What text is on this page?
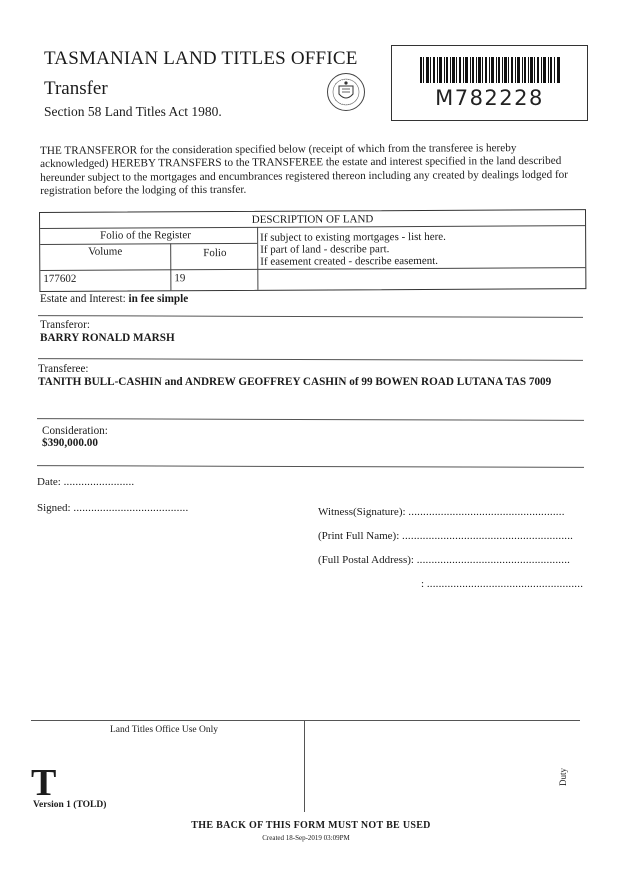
TASMANIAN LAND TITLES OFFICE
Transfer
Section 58 Land Titles Act 1980.
M782228
THE TRANSFEROR for the consideration specified below (receipt of which from the transferee is hereby acknowledged) HEREBY TRANSFERS to the TRANSFEREE the estate and interest specified in the land described hereunder subject to the mortgages and encumbrances registered thereon including any created by dealings lodged for registration before the lodging of this transfer.
DESCRIPTION OF LAND
Folio of the Register
Volume	Folio
177602	19
If subject to existing mortgages - list here.
If part of land - describe part.
If easement created - describe easement.
Estate and Interest: in fee simple
Transferor:
BARRY RONALD MARSH
Transferee:
TANITH BULL-CASHIN and ANDREW GEOFFREY CASHIN of 99 BOWEN ROAD LUTANA TAS 7009
Consideration:
$390,000.00
Date: ........................
Signed: .......................................	Witness(Signature): .....................................................
(Print Full Name): ..........................................................
(Full Postal Address): ....................................................
: .....................................................
Land Titles Office Use Only
T
Version 1 (TOLD)
Duty
THE BACK OF THIS FORM MUST NOT BE USED
Created 18-Sep-2019 03:09PM
